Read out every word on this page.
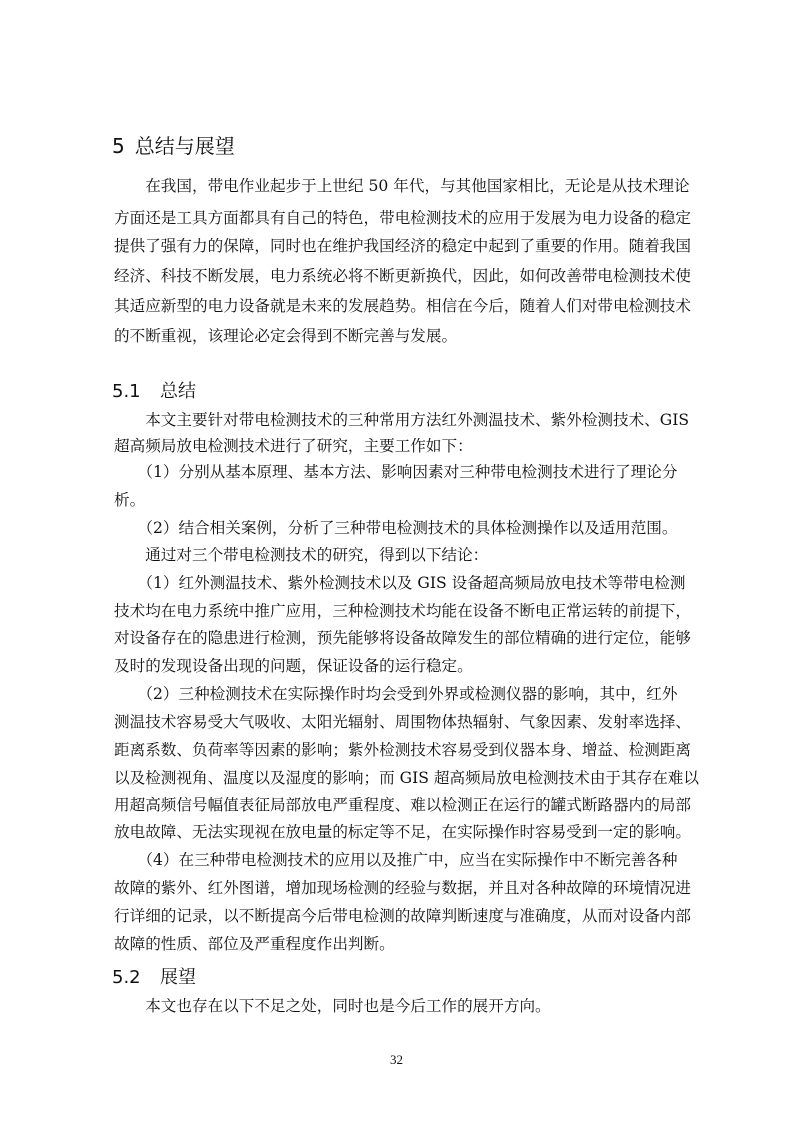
5 总结与展望
　　在我国，带电作业起步于上世纪 50 年代，与其他国家相比，无论是从技术理论
方面还是工具方面都具有自己的特色，带电检测技术的应用于发展为电力设备的稳定
提供了强有力的保障，同时也在维护我国经济的稳定中起到了重要的作用。随着我国
经济、科技不断发展，电力系统必将不断更新换代，因此，如何改善带电检测技术使
其适应新型的电力设备就是未来的发展趋势。相信在今后，随着人们对带电检测技术
的不断重视，该理论必定会得到不断完善与发展。
5.1 总结
　　本文主要针对带电检测技术的三种常用方法红外测温技术、紫外检测技术、GIS
超高频局放电检测技术进行了研究，主要工作如下：
　　（1）分别从基本原理、基本方法、影响因素对三种带电检测技术进行了理论分
析。
　　（2）结合相关案例，分析了三种带电检测技术的具体检测操作以及适用范围。
　　通过对三个带电检测技术的研究，得到以下结论：
　　（1）红外测温技术、紫外检测技术以及 GIS 设备超高频局放电技术等带电检测
技术均在电力系统中推广应用，三种检测技术均能在设备不断电正常运转的前提下，
对设备存在的隐患进行检测，预先能够将设备故障发生的部位精确的进行定位，能够
及时的发现设备出现的问题，保证设备的运行稳定。
　　（2）三种检测技术在实际操作时均会受到外界或检测仪器的影响，其中，红外
测温技术容易受大气吸收、太阳光辐射、周围物体热辐射、气象因素、发射率选择、
距离系数、负荷率等因素的影响；紫外检测技术容易受到仪器本身、增益、检测距离
以及检测视角、温度以及湿度的影响；而 GIS 超高频局放电检测技术由于其存在难以
用超高频信号幅值表征局部放电严重程度、难以检测正在运行的罐式断路器内的局部
放电故障、无法实现视在放电量的标定等不足，在实际操作时容易受到一定的影响。
　　（4）在三种带电检测技术的应用以及推广中，应当在实际操作中不断完善各种
故障的紫外、红外图谱，增加现场检测的经验与数据，并且对各种故障的环境情况进
行详细的记录，以不断提高今后带电检测的故障判断速度与准确度，从而对设备内部
故障的性质、部位及严重程度作出判断。
5.2 展望
　　本文也存在以下不足之处，同时也是今后工作的展开方向。
32
